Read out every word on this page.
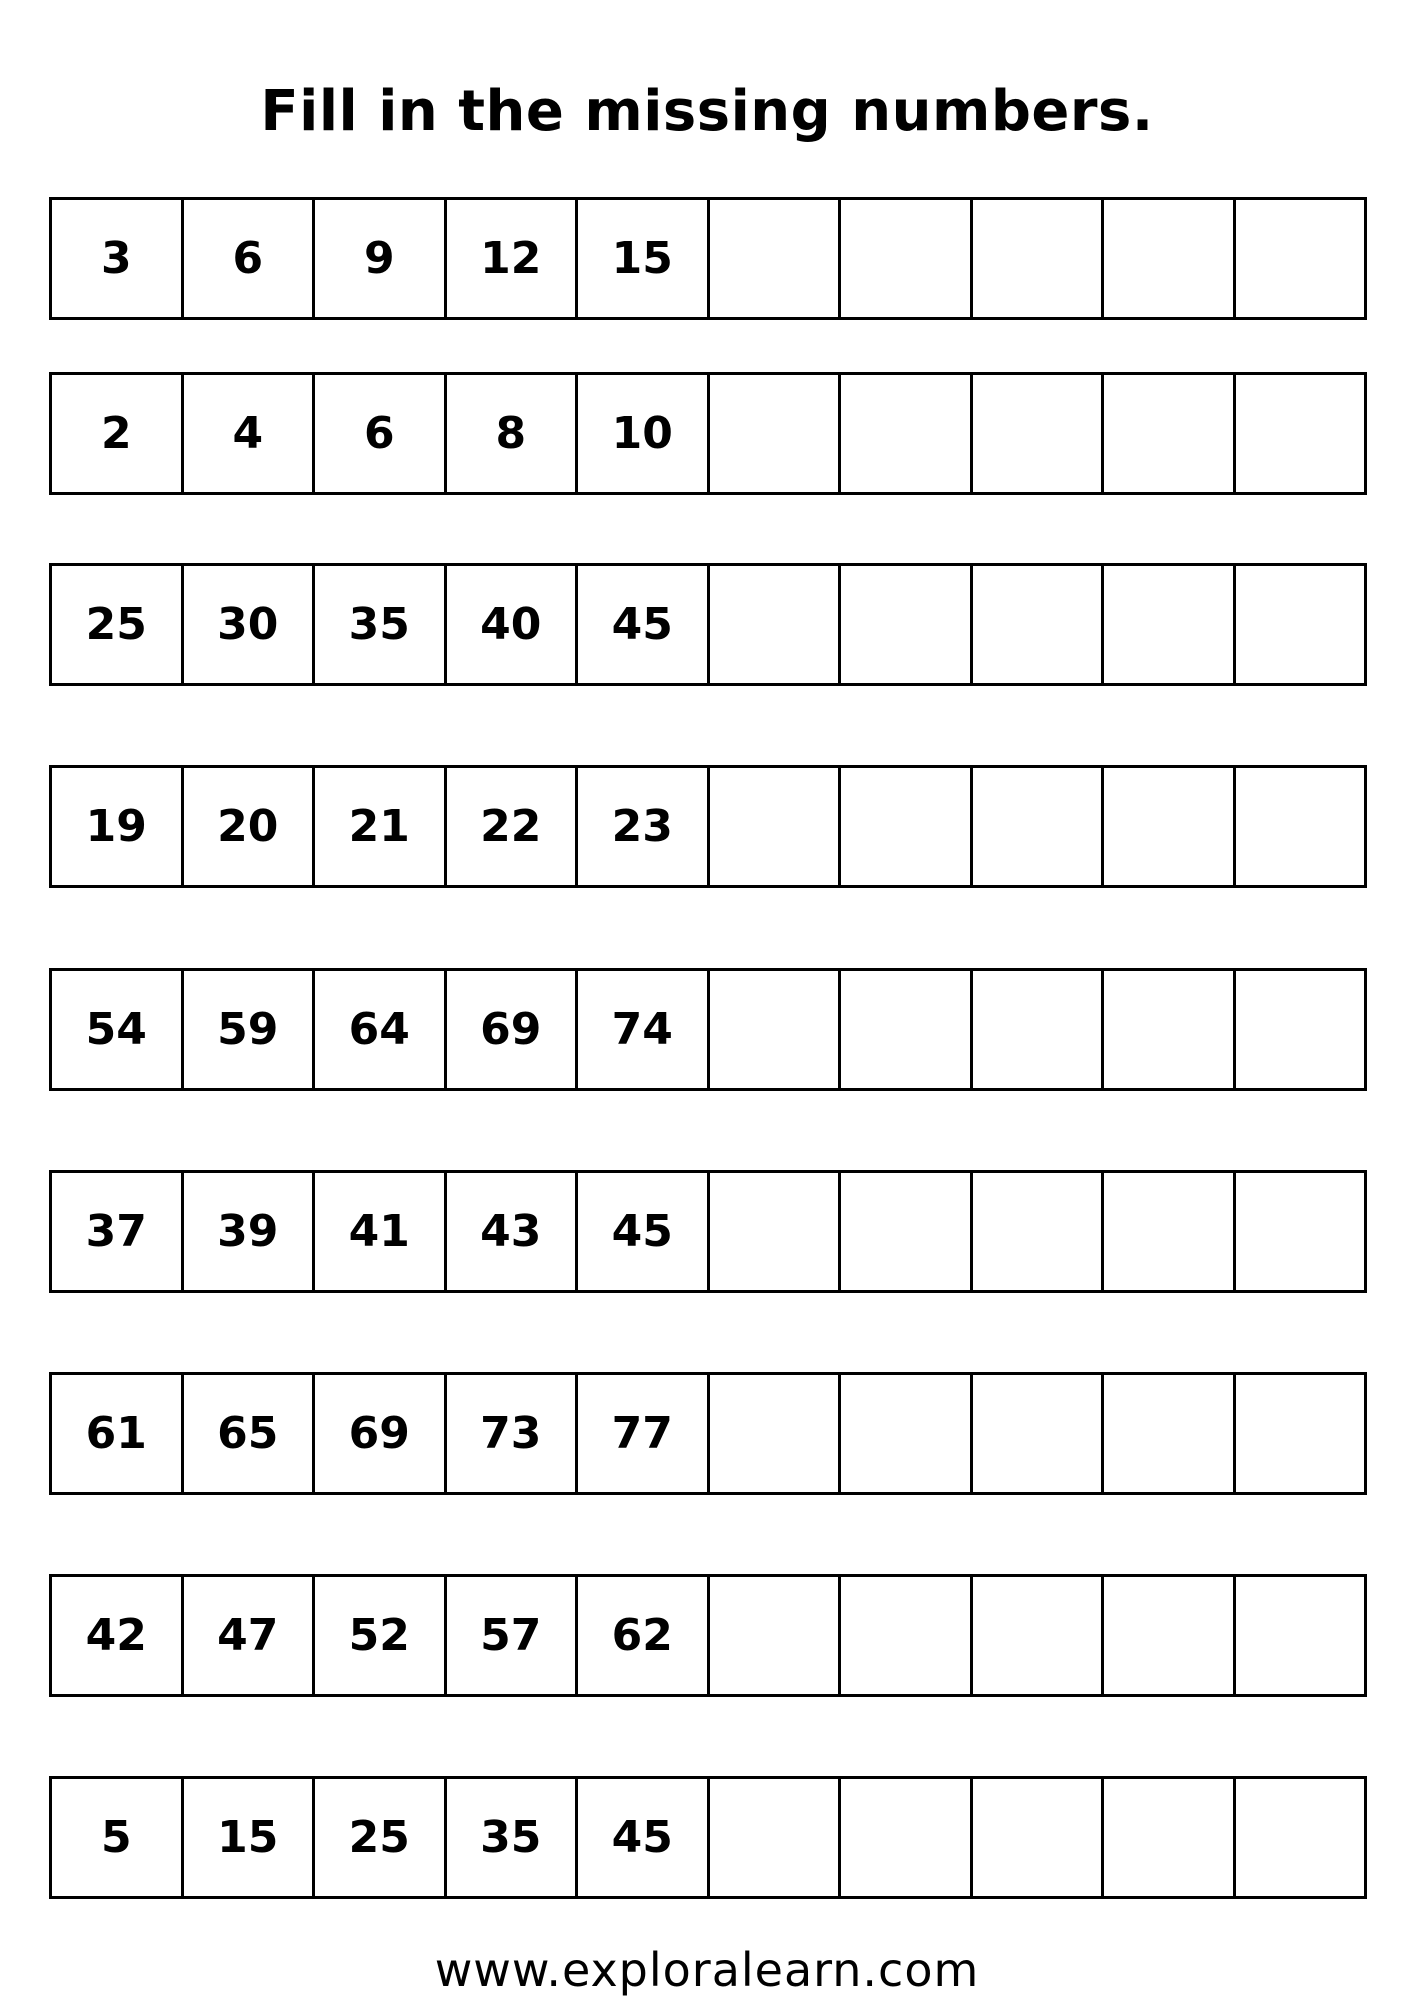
Fill in the missing numbers.
3	6	9	12	15
2	4	6	8	10
25	30	35	40	45
19	20	21	22	23
54	59	64	69	74
37	39	41	43	45
61	65	69	73	77
42	47	52	57	62
5	15	25	35	45
www.exploralearn.com
